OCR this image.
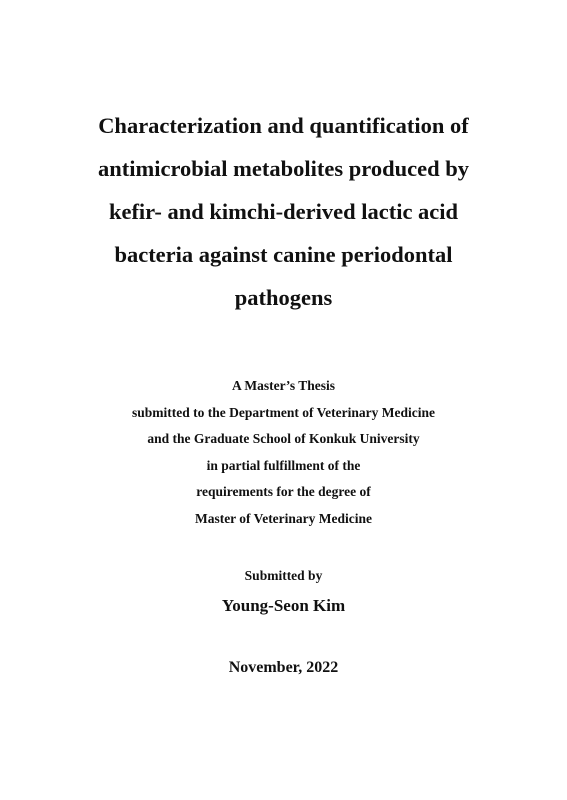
Characterization and quantification of
antimicrobial metabolites produced by
kefir- and kimchi-derived lactic acid
bacteria against canine periodontal
pathogens
A Master’s Thesis
submitted to the Department of Veterinary Medicine
and the Graduate School of Konkuk University
in partial fulfillment of the
requirements for the degree of
Master of Veterinary Medicine
Submitted by
Young-Seon Kim
November, 2022
